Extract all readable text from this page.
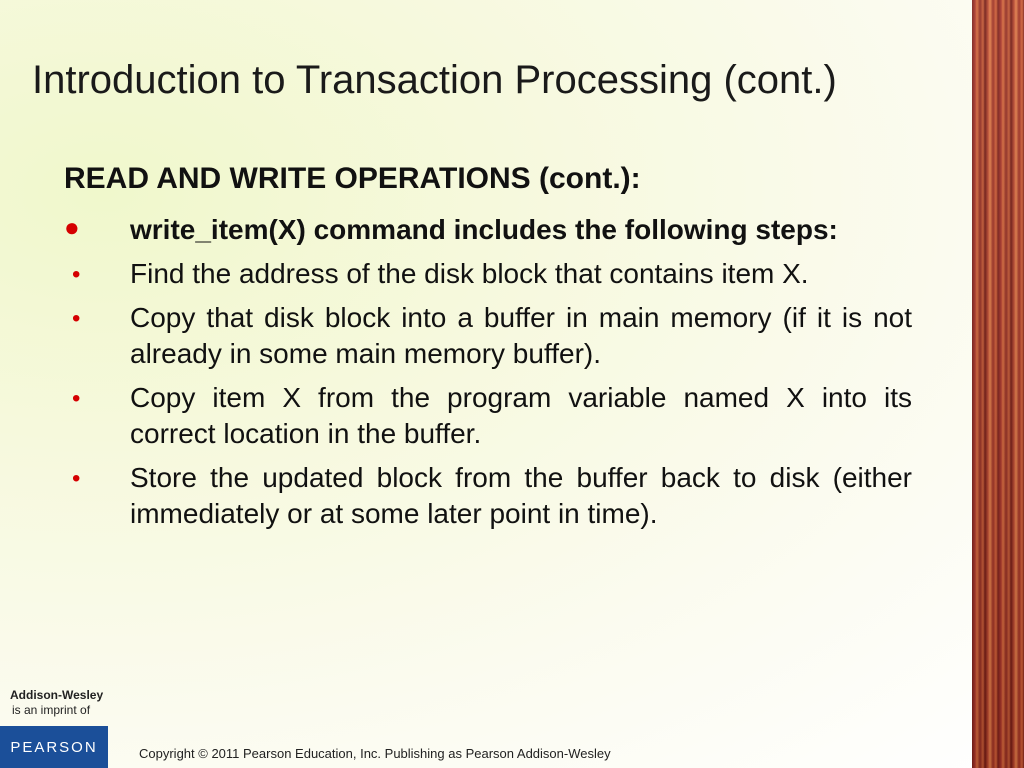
Introduction to Transaction Processing (cont.)
READ AND WRITE OPERATIONS (cont.):
● write_item(X) command includes the following steps:
• Find the address of the disk block that contains item X.
• Copy that disk block into a buffer in main memory (if it is not already in some main memory buffer).
• Copy item X from the program variable named X into its correct location in the buffer.
• Store the updated block from the buffer back to disk (either immediately or at some later point in time).
Addison-Wesley
is an imprint of
PEARSON	Copyright © 2011 Pearson Education, Inc. Publishing as Pearson Addison-Wesley
